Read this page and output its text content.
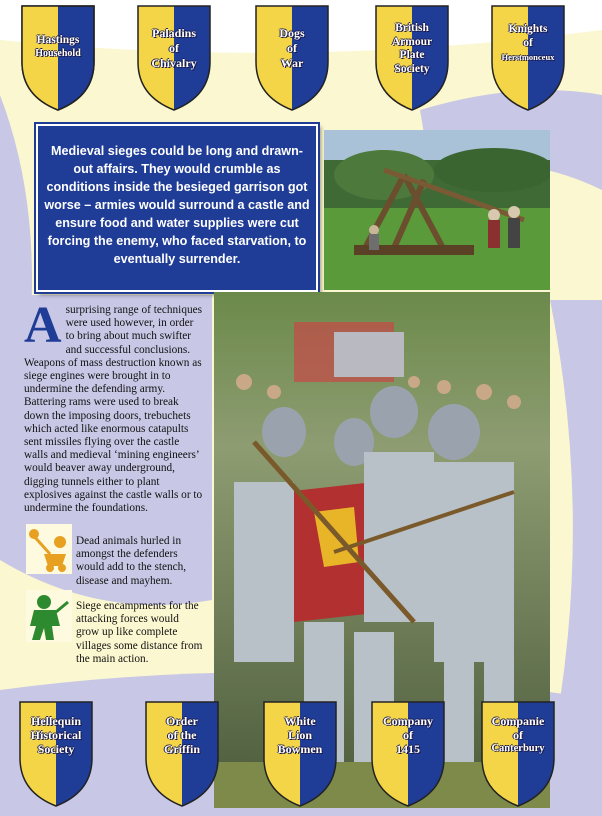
Hastings
Household
Paladins
of
Chivalry
Dogs
of
War
British
Armour
Plate
Society
Knights
of
Herstmonceux
Medieval sieges could be long and drawn-out affairs. They would crumble as conditions inside the besieged garrison got worse – armies would surround a castle and ensure food and water supplies were cut forcing the enemy, who faced starvation, to eventually surrender.
A surprising range of techniques were used however, in order to bring about much swifter and successful conclusions. Weapons of mass destruction known as siege engines were brought in to undermine the defending army. Battering rams were used to break down the imposing doors, trebuchets which acted like enormous catapults sent missiles flying over the castle walls and medieval ‘mining engineers’ would beaver away underground, digging tunnels either to plant explosives against the castle walls or to undermine the foundations.
Dead animals hurled in amongst the defenders would add to the stench, disease and mayhem.
Siege encampments for the attacking forces would grow up like complete villages some distance from the main action.
Hellequin
Historical
Society
Order
of the
Griffin
White
Lion
Bowmen
Company
of
1415
Companie
of
Canterbury
